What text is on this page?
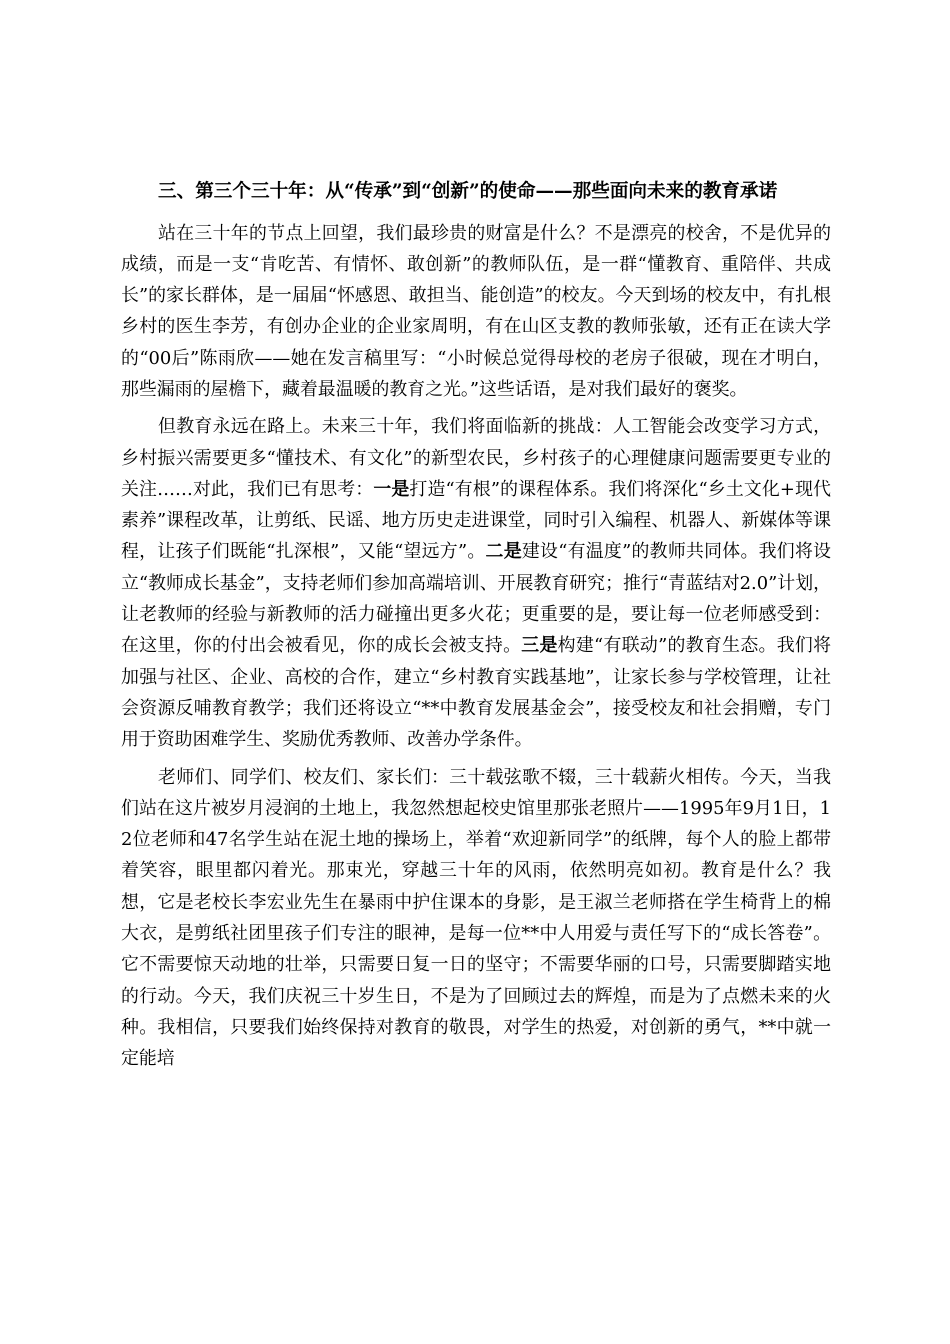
三、第三个三十年：从“传承”到“创新”的使命——那些面向未来的教育承诺

站在三十年的节点上回望，我们最珍贵的财富是什么？不是漂亮的校舍，不是优异的成绩，而是一支“肯吃苦、有情怀、敢创新”的教师队伍，是一群“懂教育、重陪伴、共成长”的家长群体，是一届届“怀感恩、敢担当、能创造”的校友。今天到场的校友中，有扎根乡村的医生李芳，有创办企业的企业家周明，有在山区支教的教师张敏，还有正在读大学的“00后”陈雨欣——她在发言稿里写：“小时候总觉得母校的老房子很破，现在才明白，那些漏雨的屋檐下，藏着最温暖的教育之光。”这些话语，是对我们最好的褒奖。

但教育永远在路上。未来三十年，我们将面临新的挑战：人工智能会改变学习方式，乡村振兴需要更多“懂技术、有文化”的新型农民，乡村孩子的心理健康问题需要更专业的关注……对此，我们已有思考：一是打造“有根”的课程体系。我们将深化“乡土文化+现代素养”课程改革，让剪纸、民谣、地方历史走进课堂，同时引入编程、机器人、新媒体等课程，让孩子们既能“扎深根”，又能“望远方”。二是建设“有温度”的教师共同体。我们将设立“教师成长基金”，支持老师们参加高端培训、开展教育研究；推行“青蓝结对2.0”计划，让老教师的经验与新教师的活力碰撞出更多火花；更重要的是，要让每一位老师感受到：在这里，你的付出会被看见，你的成长会被支持。三是构建“有联动”的教育生态。我们将加强与社区、企业、高校的合作，建立“乡村教育实践基地”，让家长参与学校管理，让社会资源反哺教育教学；我们还将设立“**中教育发展基金会”，接受校友和社会捐赠，专门用于资助困难学生、奖励优秀教师、改善办学条件。

老师们、同学们、校友们、家长们：三十载弦歌不辍，三十载薪火相传。今天，当我们站在这片被岁月浸润的土地上，我忽然想起校史馆里那张老照片——1995年9月1日，12位老师和47名学生站在泥土地的操场上，举着“欢迎新同学”的纸牌，每个人的脸上都带着笑容，眼里都闪着光。那束光，穿越三十年的风雨，依然明亮如初。教育是什么？我想，它是老校长李宏业先生在暴雨中护住课本的身影，是王淑兰老师搭在学生椅背上的棉大衣，是剪纸社团里孩子们专注的眼神，是每一位**中人用爱与责任写下的“成长答卷”。它不需要惊天动地的壮举，只需要日复一日的坚守；不需要华丽的口号，只需要脚踏实地的行动。今天，我们庆祝三十岁生日，不是为了回顾过去的辉煌，而是为了点燃未来的火种。我相信，只要我们始终保持对教育的敬畏，对学生的热爱，对创新的勇气，**中就一定能培
